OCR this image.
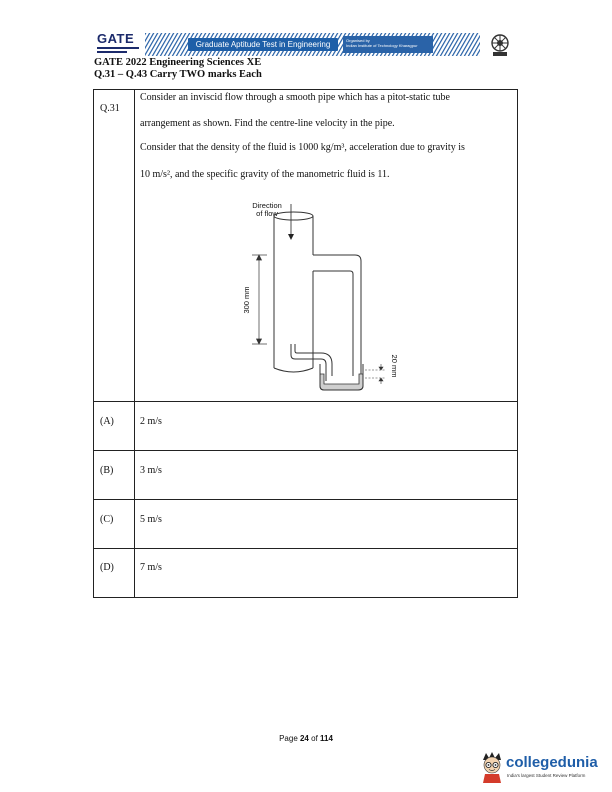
GATE	Graduate Aptitude Test in Engineering	Organised by
Indian Institute of Technology Kharagpur
GATE 2022 Engineering Sciences XE
Q.31 – Q.43 Carry TWO marks Each
Q.31
Consider an inviscid flow through a smooth pipe which has a pitot-static tube
arrangement as shown. Find the centre-line velocity in the pipe.
Consider that the density of the fluid is 1000 kg/m³, acceleration due to gravity is
10 m/s², and the specific gravity of the manometric fluid is 11.
(A)	2 m/s
(B)	3 m/s
(C)	5 m/s
(D)	7 m/s
Direction
of flow
300 mm
20 mm
Page 24 of 114
collegedunia
India's largest Student Review Platform
